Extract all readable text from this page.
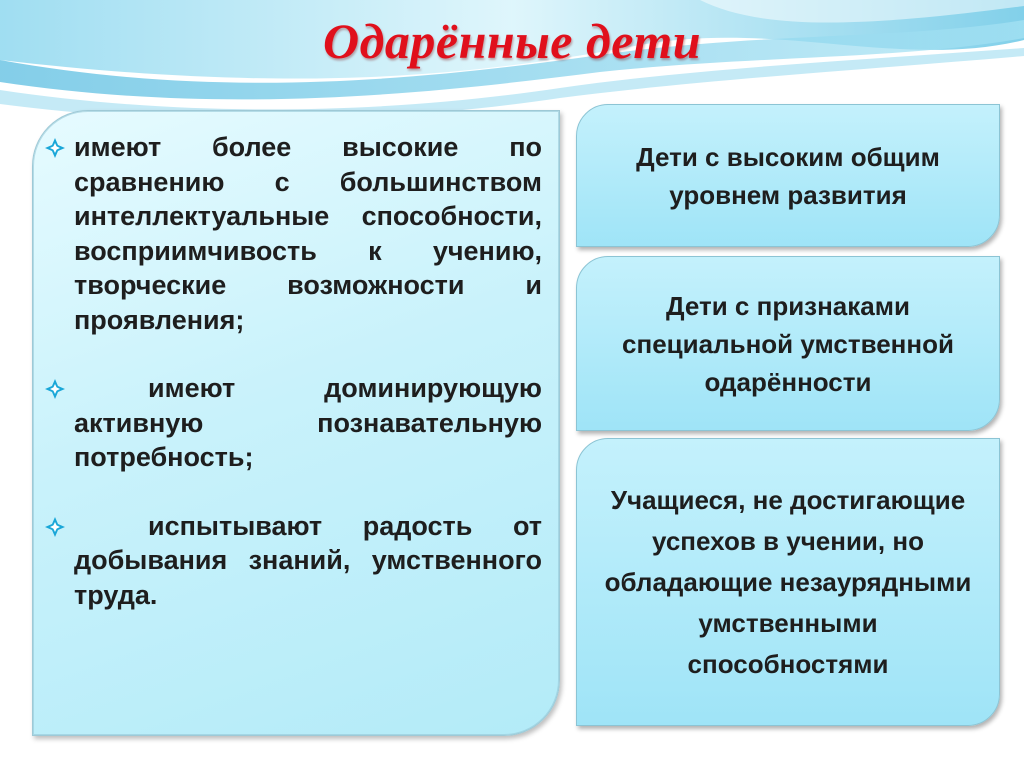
Одарённые дети
имеют более высокие по сравнению с большинством интеллектуальные способности, восприимчивость к учению, творческие возможности и проявления;
имеют доминирующую активную познавательную потребность;
испытывают радость от добывания знаний, умственного труда.
Дети с высоким общим уровнем развития
Дети с признаками специальной умственной одарённости
Учащиеся, не достигающие успехов в учении, но обладающие незаурядными умственными способностями
